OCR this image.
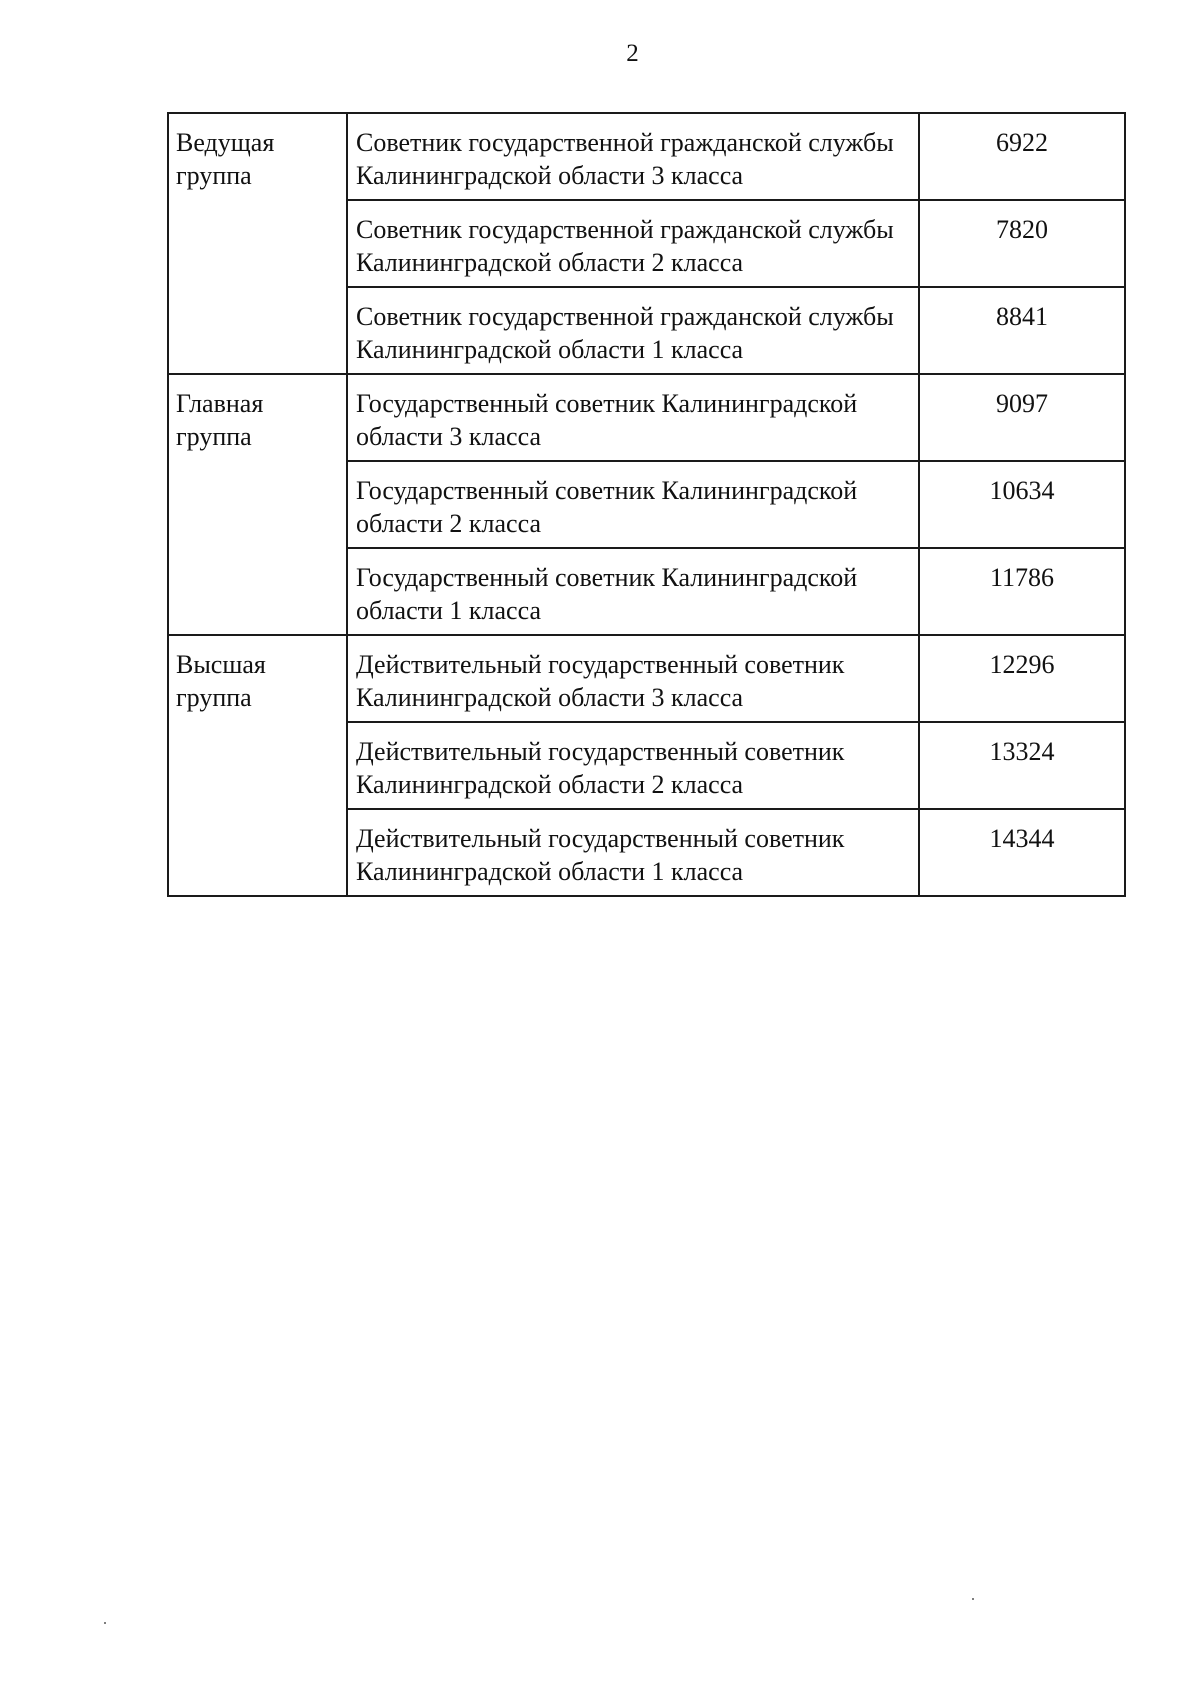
2
Ведущая группа	Советник государственной гражданской службы Калининградской области 3 класса	6922
	Советник государственной гражданской службы Калининградской области 2 класса	7820
	Советник государственной гражданской службы Калининградской области 1 класса	8841
Главная группа	Государственный советник Калининградской области 3 класса	9097
	Государственный советник Калининградской области 2 класса	10634
	Государственный советник Калининградской области 1 класса	11786
Высшая группа	Действительный государственный советник Калининградской области 3 класса	12296
	Действительный государственный советник Калининградской области 2 класса	13324
	Действительный государственный советник Калининградской области 1 класса	14344
